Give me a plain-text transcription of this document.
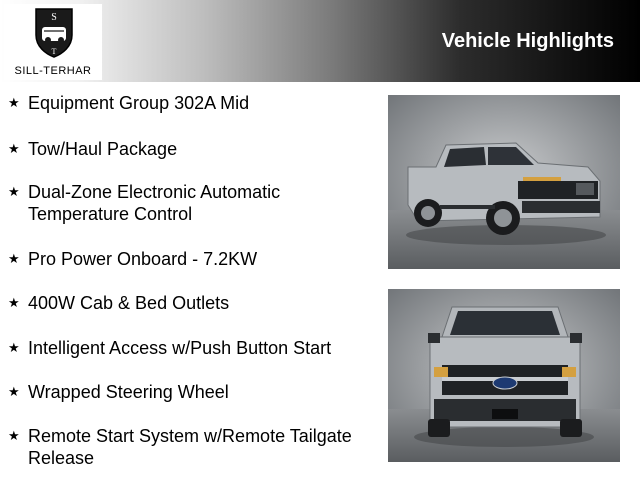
S
T
SILL-TERHAR
Vehicle Highlights
★ Equipment Group 302A Mid
★ Tow/Haul Package
★ Dual-Zone Electronic Automatic Temperature Control
★ Pro Power Onboard - 7.2KW
★ 400W Cab & Bed Outlets
★ Intelligent Access w/Push Button Start
★ Wrapped Steering Wheel
★ Remote Start System w/Remote Tailgate Release
